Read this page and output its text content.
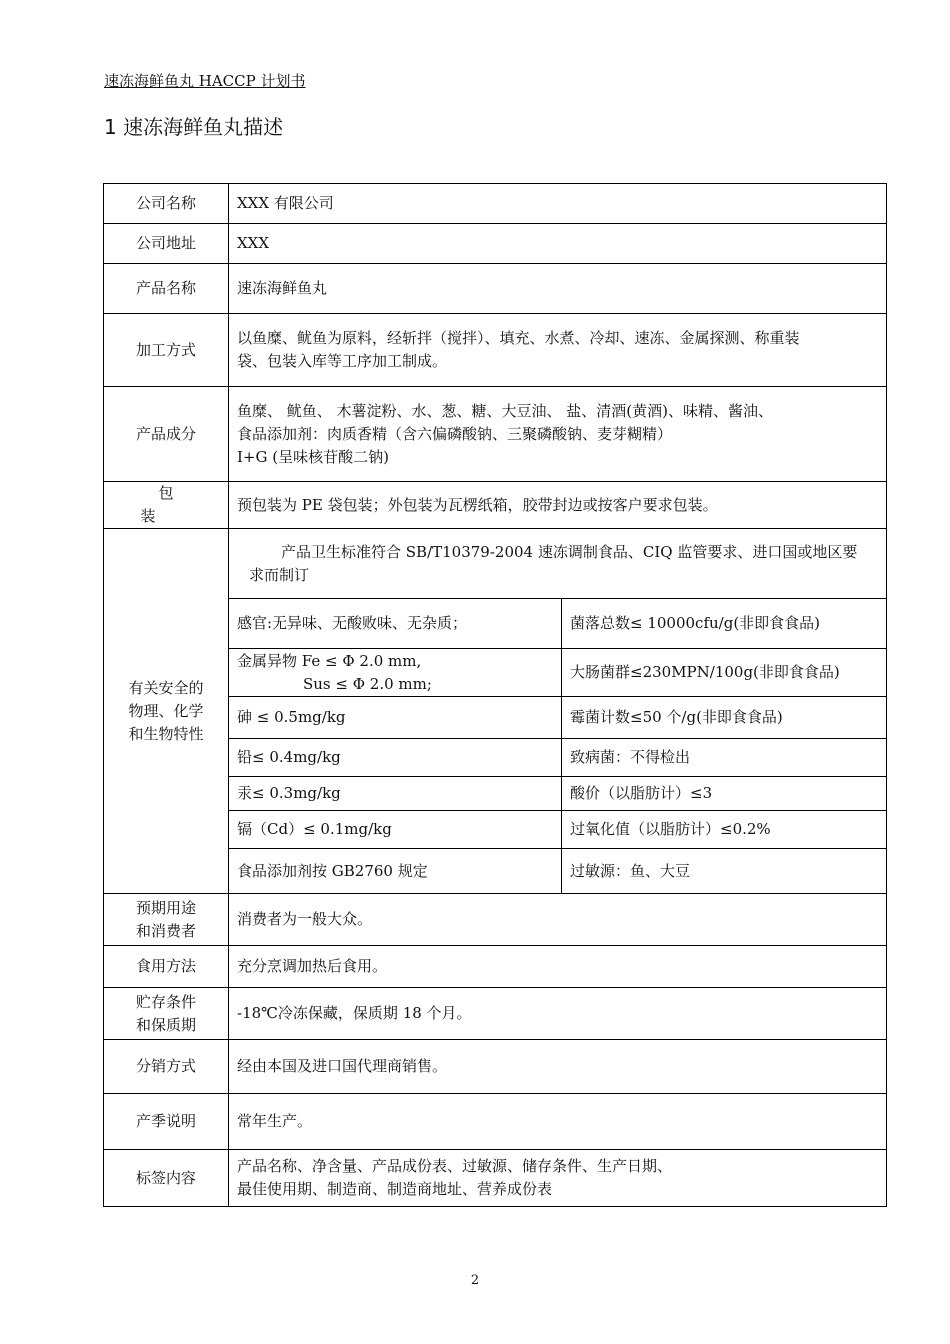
速冻海鲜鱼丸 HACCP 计划书
1 速冻海鲜鱼丸描述
公司名称	XXX 有限公司	
公司地址	XXX	
产品名称	速冻海鲜鱼丸	
加工方式	以鱼糜、鱿鱼为原料，经斩拌（搅拌）、填充、水煮、冷却、速冻、金属探测、称重装
袋、包装入库等工序加工制成。	

产品成分	鱼糜、 鱿鱼、 木薯淀粉、水、葱、糖、大豆油、 盐、清酒(黄酒)、味精、酱油、
食品添加剂：肉质香精（含六偏磷酸钠、三聚磷酸钠、麦芽糊精）
I+G (呈味核苷酸二钠)	

包 装	预包装为 PE 袋包装；外包装为瓦楞纸箱，胶带封边或按客户要求包装。	

有关安全的
物理、化学
和生物特性	产品卫生标准符合 SB/T10379-2004 速冻调制食品、CIQ 监管要求、进口国或地区要求而制订	
	感官:无异味、无酸败味、无杂质；	菌落总数≤ 10000cfu/g(非即食食品)

	金属异物 Fe ≤ Φ 2.0 mm,
Sus ≤ Φ 2.0 mm;	大肠菌群≤230MPN/100g(非即食食品)
	砷 ≤ 0.5mg/kg	霉菌计数≤50 个/g(非即食食品)
	铅≤ 0.4mg/kg	致病菌：不得检出
	汞≤ 0.3mg/kg	酸价（以脂肪计）≤3
	镉（Cd）≤ 0.1mg/kg	过氧化值（以脂肪计）≤0.2%
	食品添加剂按 GB2760 规定	过敏源：鱼、大豆

预期用途
和消费者	消费者为一般大众。	
食用方法	充分烹调加热后食用。	

贮存条件
和保质期	-18℃冷冻保藏，保质期 18 个月。	
分销方式	经由本国及进口国代理商销售。	
产季说明	常年生产。	
标签内容	产品名称、净含量、产品成份表、过敏源、储存条件、生产日期、
最佳使用期、制造商、制造商地址、营养成份表	
2
